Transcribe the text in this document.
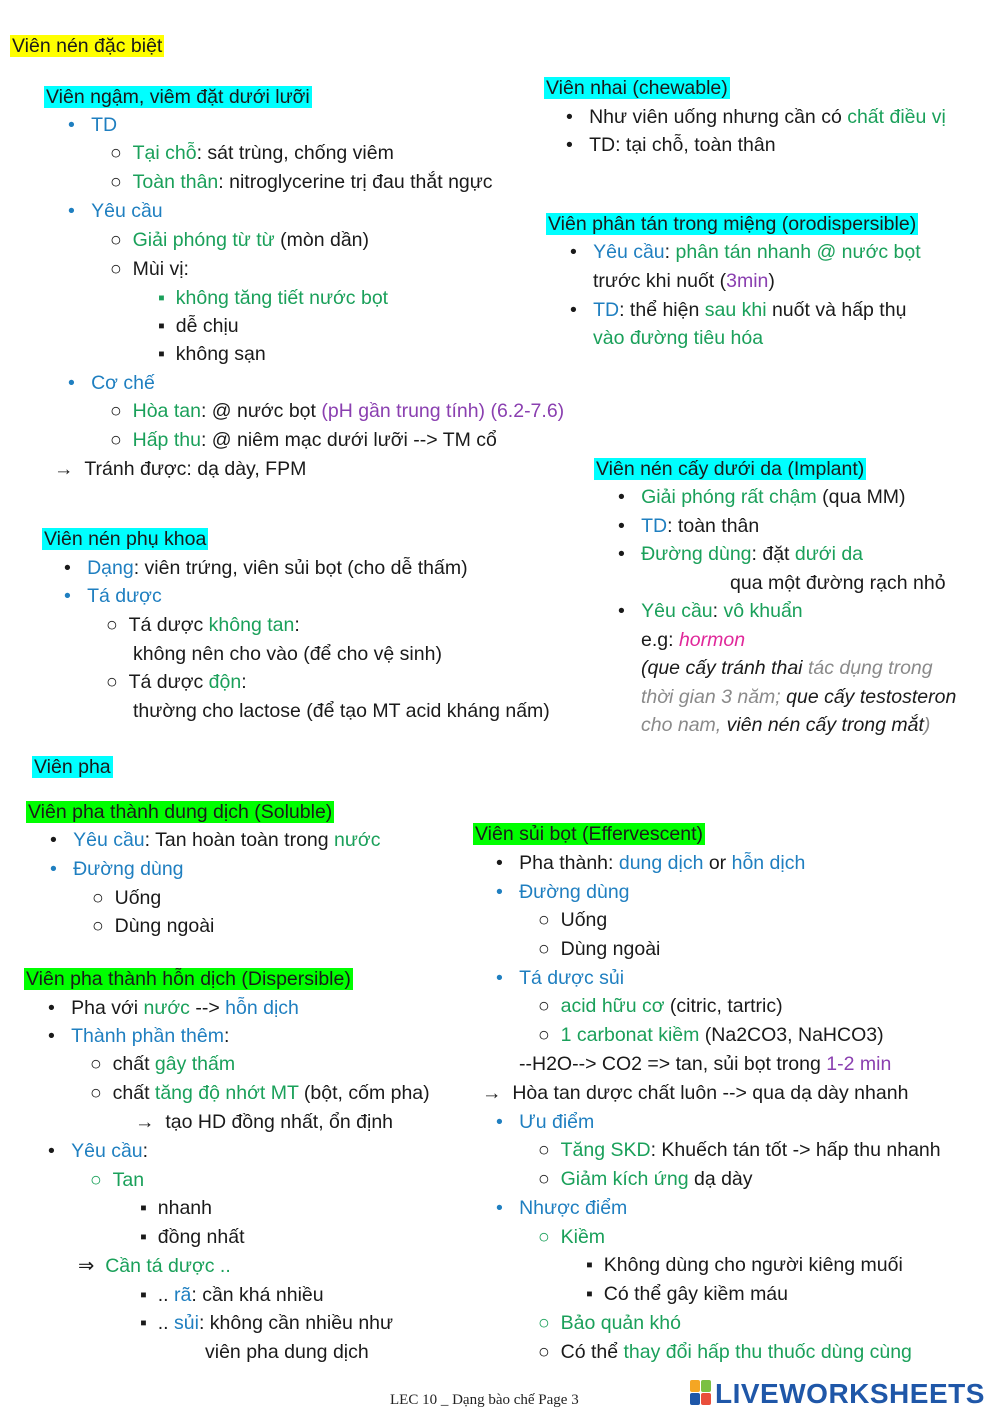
Viên nén đặc biệt
Viên ngậm, viêm đặt dưới lưỡi
•   TD
○  Tại chỗ: sát trùng, chống viêm
○  Toàn thân: nitroglycerine trị đau thắt ngực
•   Yêu cầu
○  Giải phóng từ từ (mòn dần)
○  Mùi vị:
▪ không tăng tiết nước bọt
▪  dễ chịu
▪  không sạn
•   Cơ chế
○  Hòa tan: @ nước bọt (pH gần trung tính) (6.2-7.6)
○  Hấp thu: @ niêm mạc dưới lưỡi --> TM cổ
→  Tránh được: dạ dày, FPM
Viên nhai (chewable)
•   Như viên uống nhưng cần có chất điều vị
•   TD: tại chỗ, toàn thân
Viên phân tán trong miệng (orodispersible)
•   Yêu cầu: phân tán nhanh @ nước bọt
trước khi nuốt (3min)
•   TD: thể hiện sau khi nuốt và hấp thụ
vào đường tiêu hóa
Viên nén cấy dưới da (Implant)
•   Giải phóng rất chậm (qua MM)
•   TD: toàn thân
•   Đường dùng: đặt dưới da
qua một đường rạch nhỏ
•   Yêu cầu: vô khuẩn
e.g: hormon
(que cấy tránh thai tác dụng trong
thời gian 3 năm; que cấy testosteron
cho nam, viên nén cấy trong mắt)
Viên nén phụ khoa
•   Dạng: viên trứng, viên sủi bọt (cho dễ thấm)
•   Tá dược
○  Tá dược không tan:
không nên cho vào (để cho vệ sinh)
○  Tá dược độn:
thường cho lactose (để tạo MT acid kháng nấm)
Viên pha
Viên pha thành dung dịch (Soluble)
•   Yêu cầu: Tan hoàn toàn trong nước
•   Đường dùng
○  Uống
○  Dùng ngoài
Viên pha thành hỗn dịch (Dispersible)
•   Pha với nước --> hỗn dịch
•   Thành phần thêm:
○  chất gây thấm
○  chất tăng độ nhớt MT (bột, cốm pha)
→  tạo HD đồng nhất, ổn định
•   Yêu cầu:
○  Tan
▪  nhanh
▪  đồng nhất
⇒  Cần tá dược ..
▪  .. rã: cần khá nhiều
▪  .. sủi: không cần nhiều như
viên pha dung dịch
Viên sủi bọt (Effervescent)
•   Pha thành: dung dịch or hỗn dịch
•   Đường dùng
○  Uống
○  Dùng ngoài
•   Tá dược sủi
○  acid hữu cơ (citric, tartric)
○  1 carbonat kiềm (Na2CO3, NaHCO3)
--H2O--> CO2 => tan, sủi bọt trong 1-2 min
→  Hòa tan dược chất luôn --> qua dạ dày nhanh
•   Ưu điểm
○  Tăng SKD: Khuếch tán tốt -> hấp thu nhanh
○  Giảm kích ứng dạ dày
•   Nhược điểm
○  Kiềm
▪  Không dùng cho người kiêng muối
▪  Có thể gây kiềm máu
○  Bảo quản khó
○  Có thể thay đổi hấp thu thuốc dùng cùng
LEC 10 _ Dạng bào chế Page 3	LIVEWORKSHEETS
